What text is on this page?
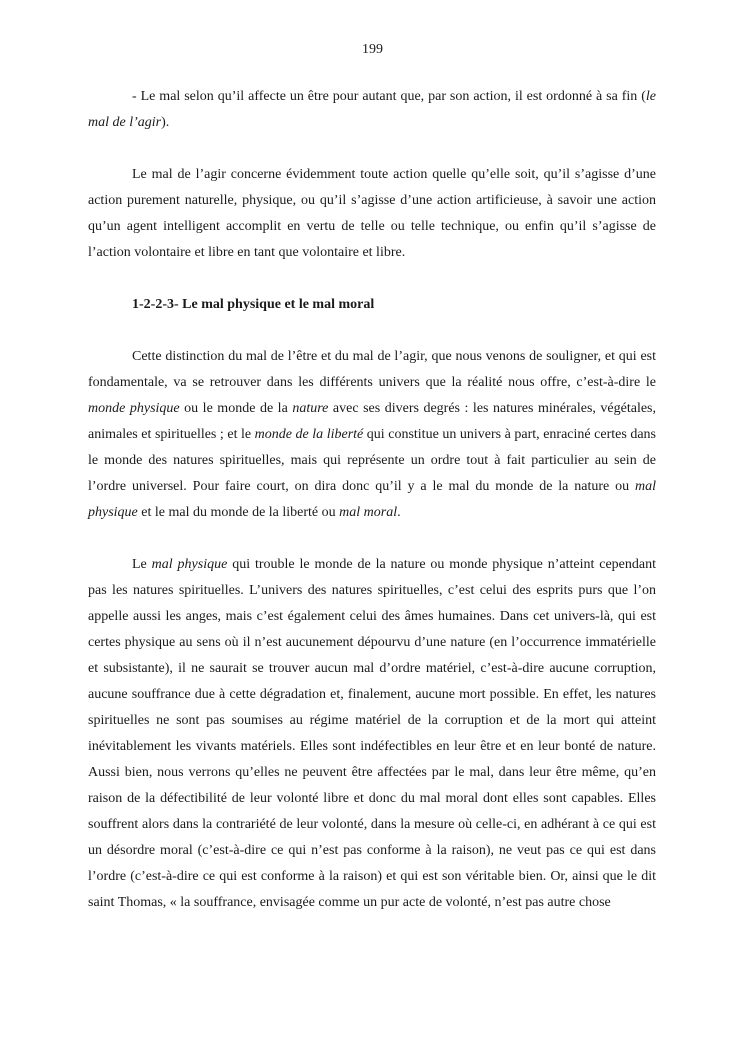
199

- Le mal selon qu’il affecte un être pour autant que, par son action, il est ordonné à sa fin (le mal de l’agir).

Le mal de l’agir concerne évidemment toute action quelle qu’elle soit, qu’il s’agisse d’une action purement naturelle, physique, ou qu’il s’agisse d’une action artificieuse, à savoir une action qu’un agent intelligent accomplit en vertu de telle ou telle technique, ou enfin qu’il s’agisse de l’action volontaire et libre en tant que volontaire et libre.

1-2-2-3- Le mal physique et le mal moral

Cette distinction du mal de l’être et du mal de l’agir, que nous venons de souligner, et qui est fondamentale, va se retrouver dans les différents univers que la réalité nous offre, c’est-à-dire le monde physique ou le monde de la nature avec ses divers degrés : les natures minérales, végétales, animales et spirituelles ; et le monde de la liberté qui constitue un univers à part, enraciné certes dans le monde des natures spirituelles, mais qui représente un ordre tout à fait particulier au sein de l’ordre universel. Pour faire court, on dira donc qu’il y a le mal du monde de la nature ou mal physique et le mal du monde de la liberté ou mal moral.

Le mal physique qui trouble le monde de la nature ou monde physique n’atteint cependant pas les natures spirituelles. L’univers des natures spirituelles, c’est celui des esprits purs que l’on appelle aussi les anges, mais c’est également celui des âmes humaines. Dans cet univers-là, qui est certes physique au sens où il n’est aucunement dépourvu d’une nature (en l’occurrence immatérielle et subsistante), il ne saurait se trouver aucun mal d’ordre matériel, c’est-à-dire aucune corruption, aucune souffrance due à cette dégradation et, finalement, aucune mort possible. En effet, les natures spirituelles ne sont pas soumises au régime matériel de la corruption et de la mort qui atteint inévitablement les vivants matériels. Elles sont indéfectibles en leur être et en leur bonté de nature. Aussi bien, nous verrons qu’elles ne peuvent être affectées par le mal, dans leur être même, qu’en raison de la défectibilité de leur volonté libre et donc du mal moral dont elles sont capables. Elles souffrent alors dans la contrariété de leur volonté, dans la mesure où celle-ci, en adhérant à ce qui est un désordre moral (c’est-à-dire ce qui n’est pas conforme à la raison), ne veut pas ce qui est dans l’ordre (c’est-à-dire ce qui est conforme à la raison) et qui est son véritable bien. Or, ainsi que le dit saint Thomas, « la souffrance, envisagée comme un pur acte de volonté, n’est pas autre chose
